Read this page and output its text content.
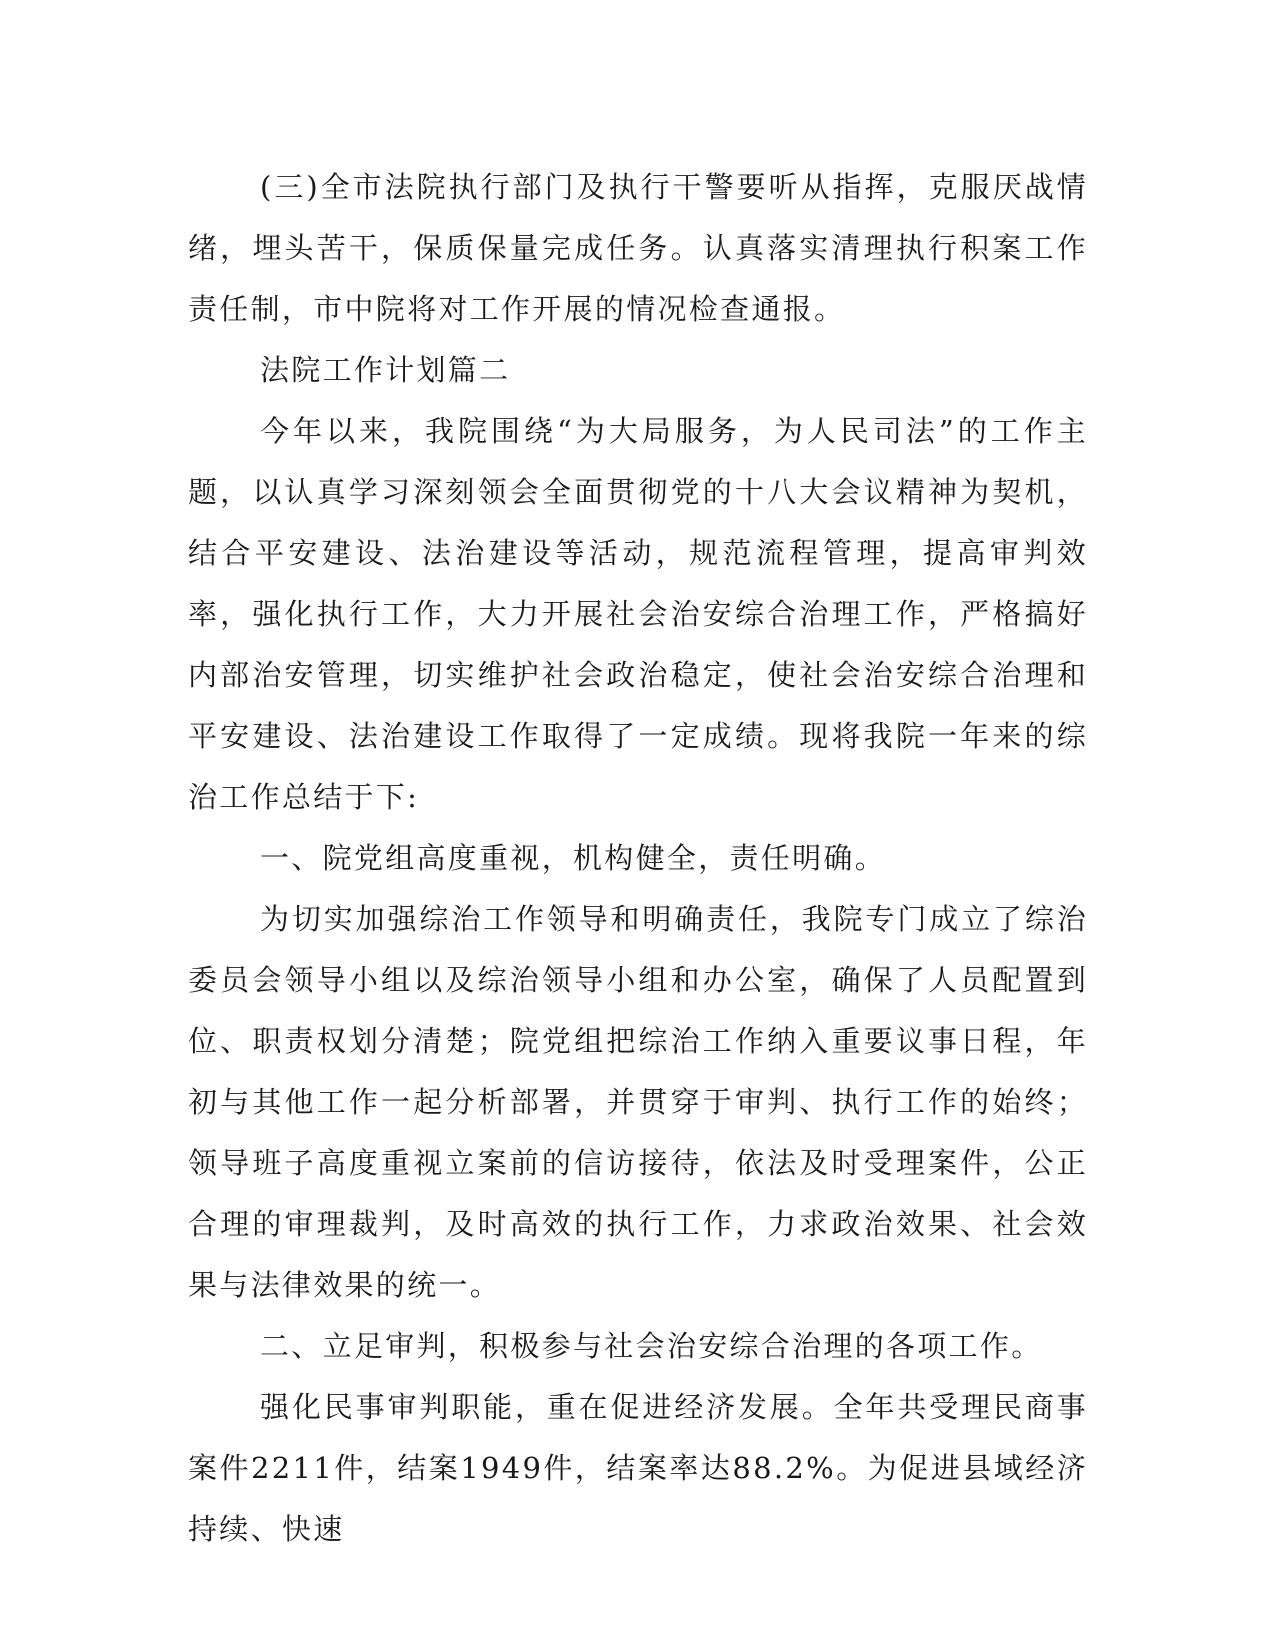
(三)全市法院执行部门及执行干警要听从指挥，克服厌战情绪，埋头苦干，保质保量完成任务。认真落实清理执行积案工作责任制，市中院将对工作开展的情况检查通报。

法院工作计划篇二

今年以来，我院围绕“为大局服务，为人民司法”的工作主题，以认真学习深刻领会全面贯彻党的十八大会议精神为契机，结合平安建设、法治建设等活动，规范流程管理，提高审判效率，强化执行工作，大力开展社会治安综合治理工作，严格搞好内部治安管理，切实维护社会政治稳定，使社会治安综合治理和平安建设、法治建设工作取得了一定成绩。现将我院一年来的综治工作总结于下:

一、院党组高度重视，机构健全，责任明确。

为切实加强综治工作领导和明确责任，我院专门成立了综治委员会领导小组以及综治领导小组和办公室，确保了人员配置到位、职责权划分清楚；院党组把综治工作纳入重要议事日程，年初与其他工作一起分析部署，并贯穿于审判、执行工作的始终；领导班子高度重视立案前的信访接待，依法及时受理案件，公正合理的审理裁判，及时高效的执行工作，力求政治效果、社会效果与法律效果的统一。

二、立足审判，积极参与社会治安综合治理的各项工作。

强化民事审判职能，重在促进经济发展。全年共受理民商事案件2211件，结案1949件，结案率达88.2%。为促进县域经济持续、快速
